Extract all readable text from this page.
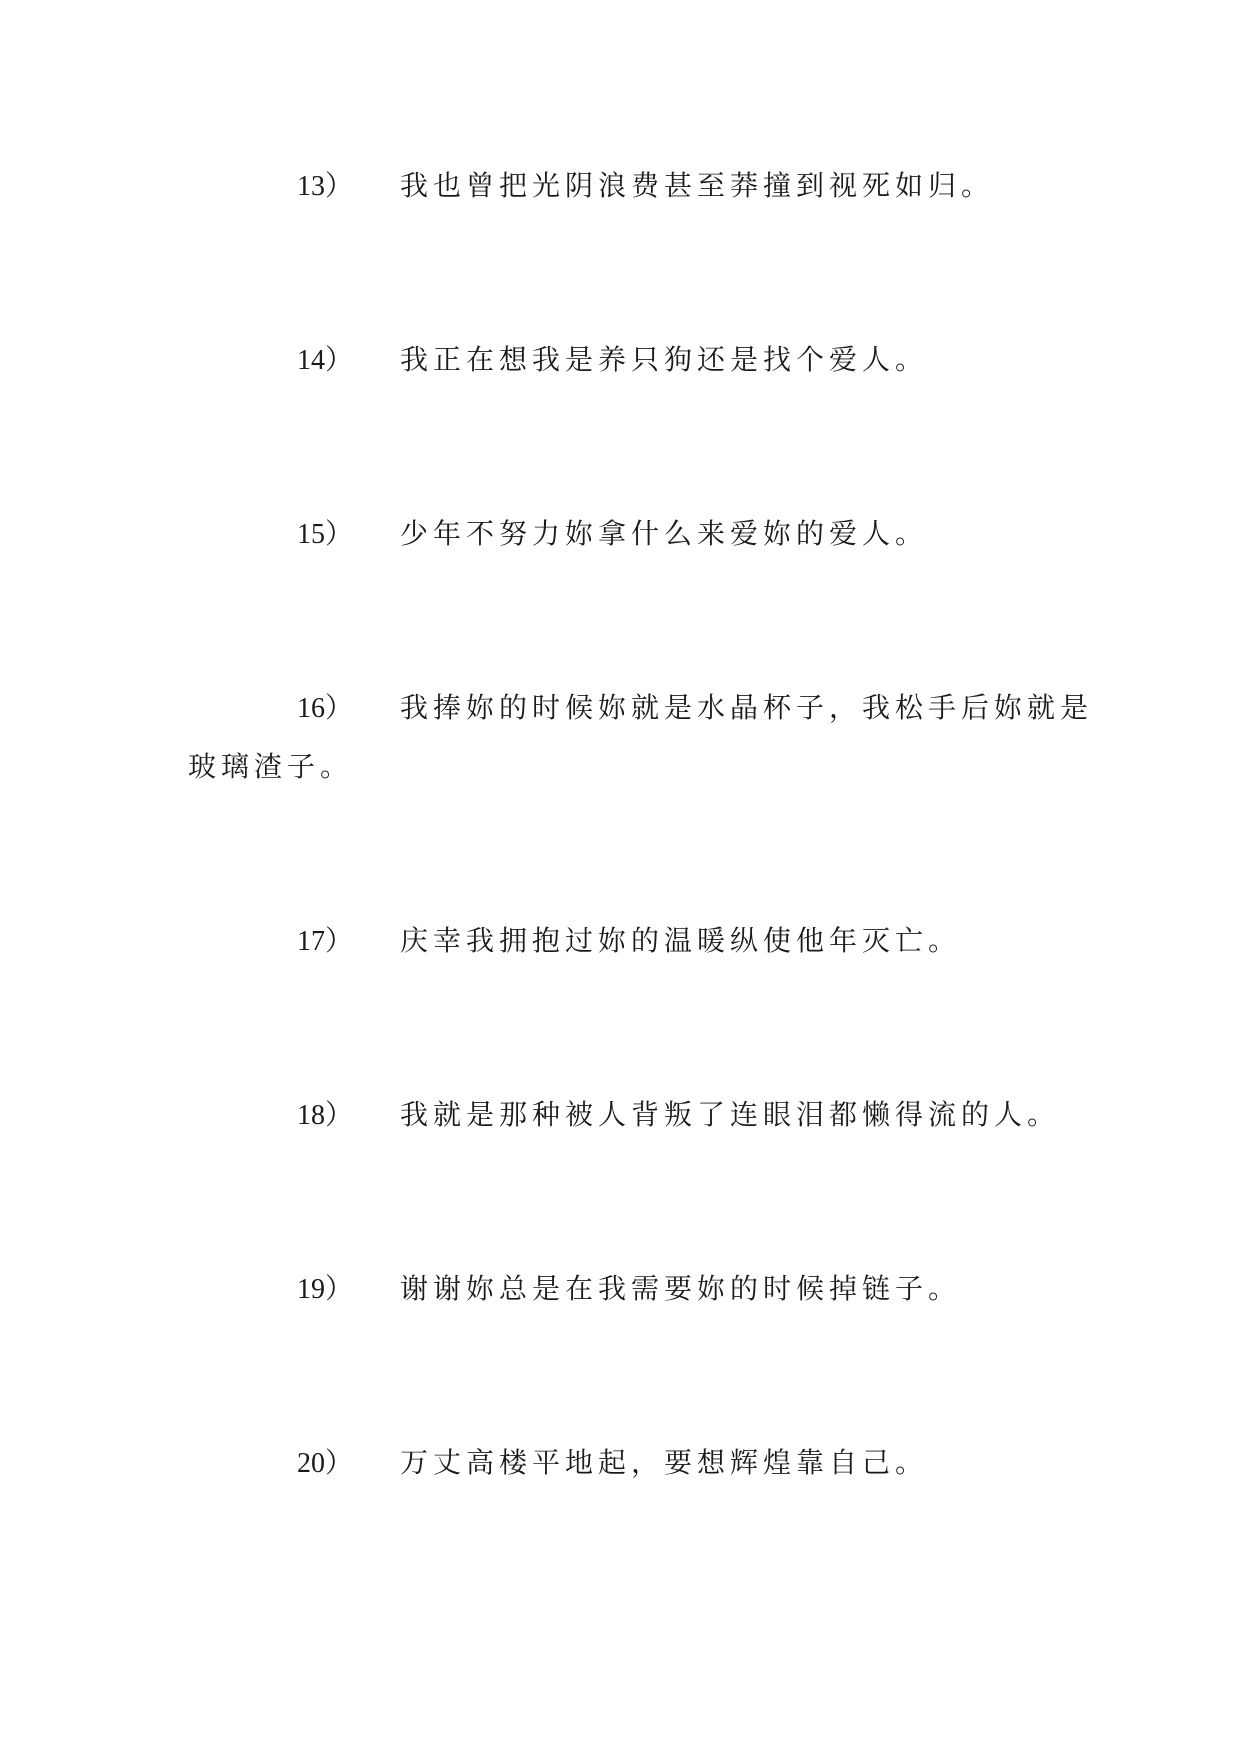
13） 我也曾把光阴浪费甚至莽撞到视死如归。
14） 我正在想我是养只狗还是找个爱人。
15） 少年不努力妳拿什么来爱妳的爱人。
16） 我捧妳的时候妳就是水晶杯子，我松手后妳就是
玻璃渣子。
17） 庆幸我拥抱过妳的温暖纵使他年灭亡。
18） 我就是那种被人背叛了连眼泪都懒得流的人。
19） 谢谢妳总是在我需要妳的时候掉链子。
20） 万丈高楼平地起，要想辉煌靠自己。
